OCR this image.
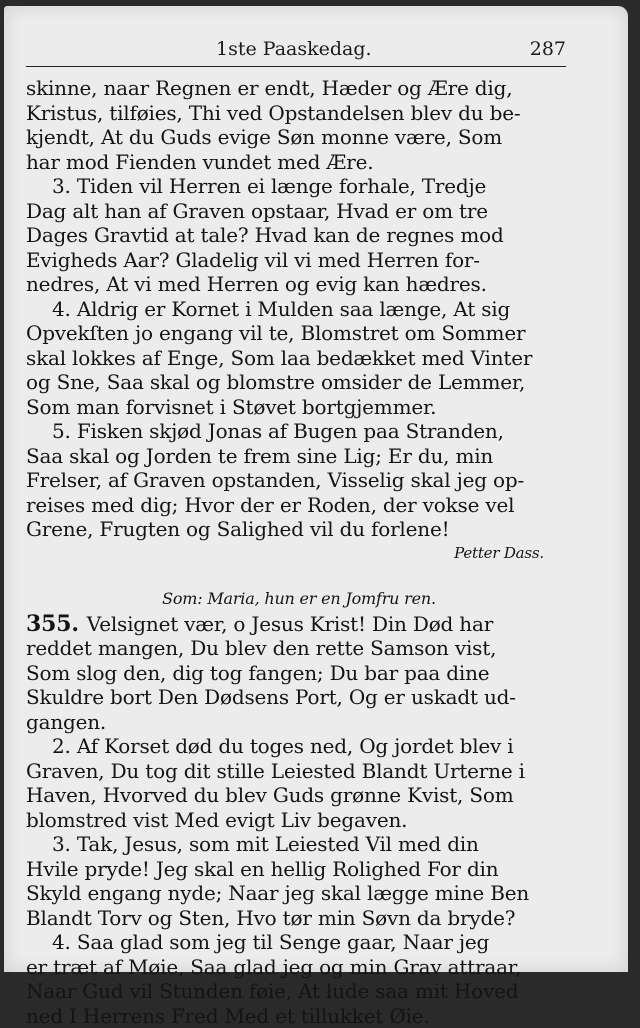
1ste Paaskedag.	287
skinne, naar Regnen er endt, Hæder og Ære dig,
Kristus, tilføies, Thi ved Opstandelsen blev du be-
kjendt, At du Guds evige Søn monne være, Som
har mod Fienden vundet med Ære.
3. Tiden vil Herren ei længe forhale, Tredje
Dag alt han af Graven opstaar, Hvad er om tre
Dages Gravtid at tale? Hvad kan de regnes mod
Evigheds Aar? Gladelig vil vi med Herren for-
nedres, At vi med Herren og evig kan hædres.
4. Aldrig er Kornet i Mulden saa længe, At sig
Opvekſten jo engang vil te, Blomstret om Sommer
skal lokkes af Enge, Som laa bedækket med Vinter
og Sne, Saa skal og blomstre omsider de Lemmer,
Som man forvisnet i Støvet bortgjemmer.
5. Fisken skjød Jonas af Bugen paa Stranden,
Saa skal og Jorden te frem sine Lig; Er du, min
Frelser, af Graven opstanden, Visselig skal jeg op-
reises med dig; Hvor der er Roden, der vokse vel
Grene, Frugten og Salighed vil du forlene!
Petter Dass.
Som: Maria, hun er en Jomfru ren.
355. Velsignet vær, o Jesus Krist! Din Død har
reddet mangen, Du blev den rette Samson vist,
Som slog den, dig tog fangen; Du bar paa dine
Skuldre bort Den Dødsens Port, Og er uskadt ud-
gangen.
2. Af Korset død du toges ned, Og jordet blev i
Graven, Du tog dit stille Leiested Blandt Urterne i
Haven, Hvorved du blev Guds grønne Kvist, Som
blomstred vist Med evigt Liv begaven.
3. Tak, Jesus, som mit Leiested Vil med din
Hvile pryde! Jeg skal en hellig Rolighed For din
Skyld engang nyde; Naar jeg skal lægge mine Ben
Blandt Torv og Sten, Hvo tør min Søvn da bryde?
4. Saa glad som jeg til Senge gaar, Naar jeg
er træt af Møie, Saa glad jeg og min Grav attraar,
Naar Gud vil Stunden føie, At lude saa mit Hoved
ned I Herrens Fred Med et tillukket Øie.
